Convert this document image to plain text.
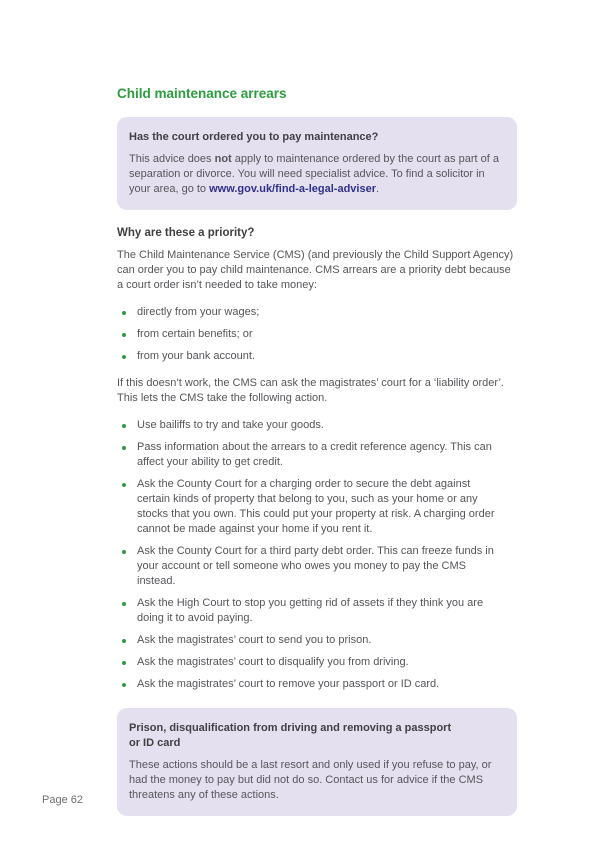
Child maintenance arrears
Has the court ordered you to pay maintenance?
This advice does not apply to maintenance ordered by the court as part of a separation or divorce. You will need specialist advice. To find a solicitor in your area, go to www.gov.uk/find-a-legal-adviser.
Why are these a priority?

The Child Maintenance Service (CMS) (and previously the Child Support Agency) can order you to pay child maintenance. CMS arrears are a priority debt because a court order isn’t needed to take money:

directly from your wages;
from certain benefits; or
from your bank account.

If this doesn’t work, the CMS can ask the magistrates’ court for a ‘liability order’. This lets the CMS take the following action.

Use bailiffs to try and take your goods.
Pass information about the arrears to a credit reference agency. This can affect your ability to get credit.
Ask the County Court for a charging order to secure the debt against certain kinds of property that belong to you, such as your home or any stocks that you own. This could put your property at risk. A charging order cannot be made against your home if you rent it.
Ask the County Court for a third party debt order. This can freeze funds in your account or tell someone who owes you money to pay the CMS instead.
Ask the High Court to stop you getting rid of assets if they think you are doing it to avoid paying.
Ask the magistrates’ court to send you to prison.
Ask the magistrates’ court to disqualify you from driving.
Ask the magistrates’ court to remove your passport or ID card.
Prison, disqualification from driving and removing a passport or ID card
These actions should be a last resort and only used if you refuse to pay, or had the money to pay but did not do so. Contact us for advice if the CMS threatens any of these actions.
Page 62
